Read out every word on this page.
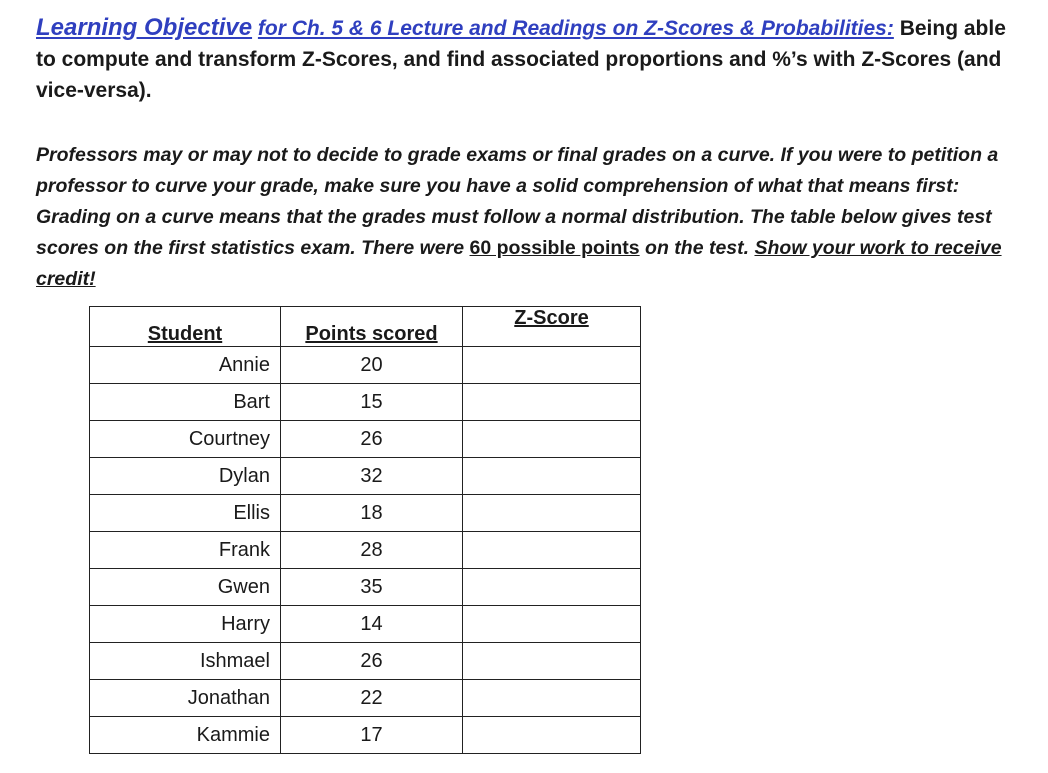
Learning Objective for Ch. 5 & 6 Lecture and Readings on Z-Scores & Probabilities: Being able to compute and transform Z-Scores, and find associated proportions and %’s with Z-Scores (and vice-versa).
Professors may or may not to decide to grade exams or final grades on a curve. If you were to petition a professor to curve your grade, make sure you have a solid comprehension of what that means first: Grading on a curve means that the grades must follow a normal distribution. The table below gives test scores on the first statistics exam. There were 60 possible points on the test. Show your work to receive credit!
Student	Points scored	Z-Score
Annie	20	
Bart	15	
Courtney	26	
Dylan	32	
Ellis	18	
Frank	28	
Gwen	35	
Harry	14	
Ishmael	26	
Jonathan	22	
Kammie	17	
